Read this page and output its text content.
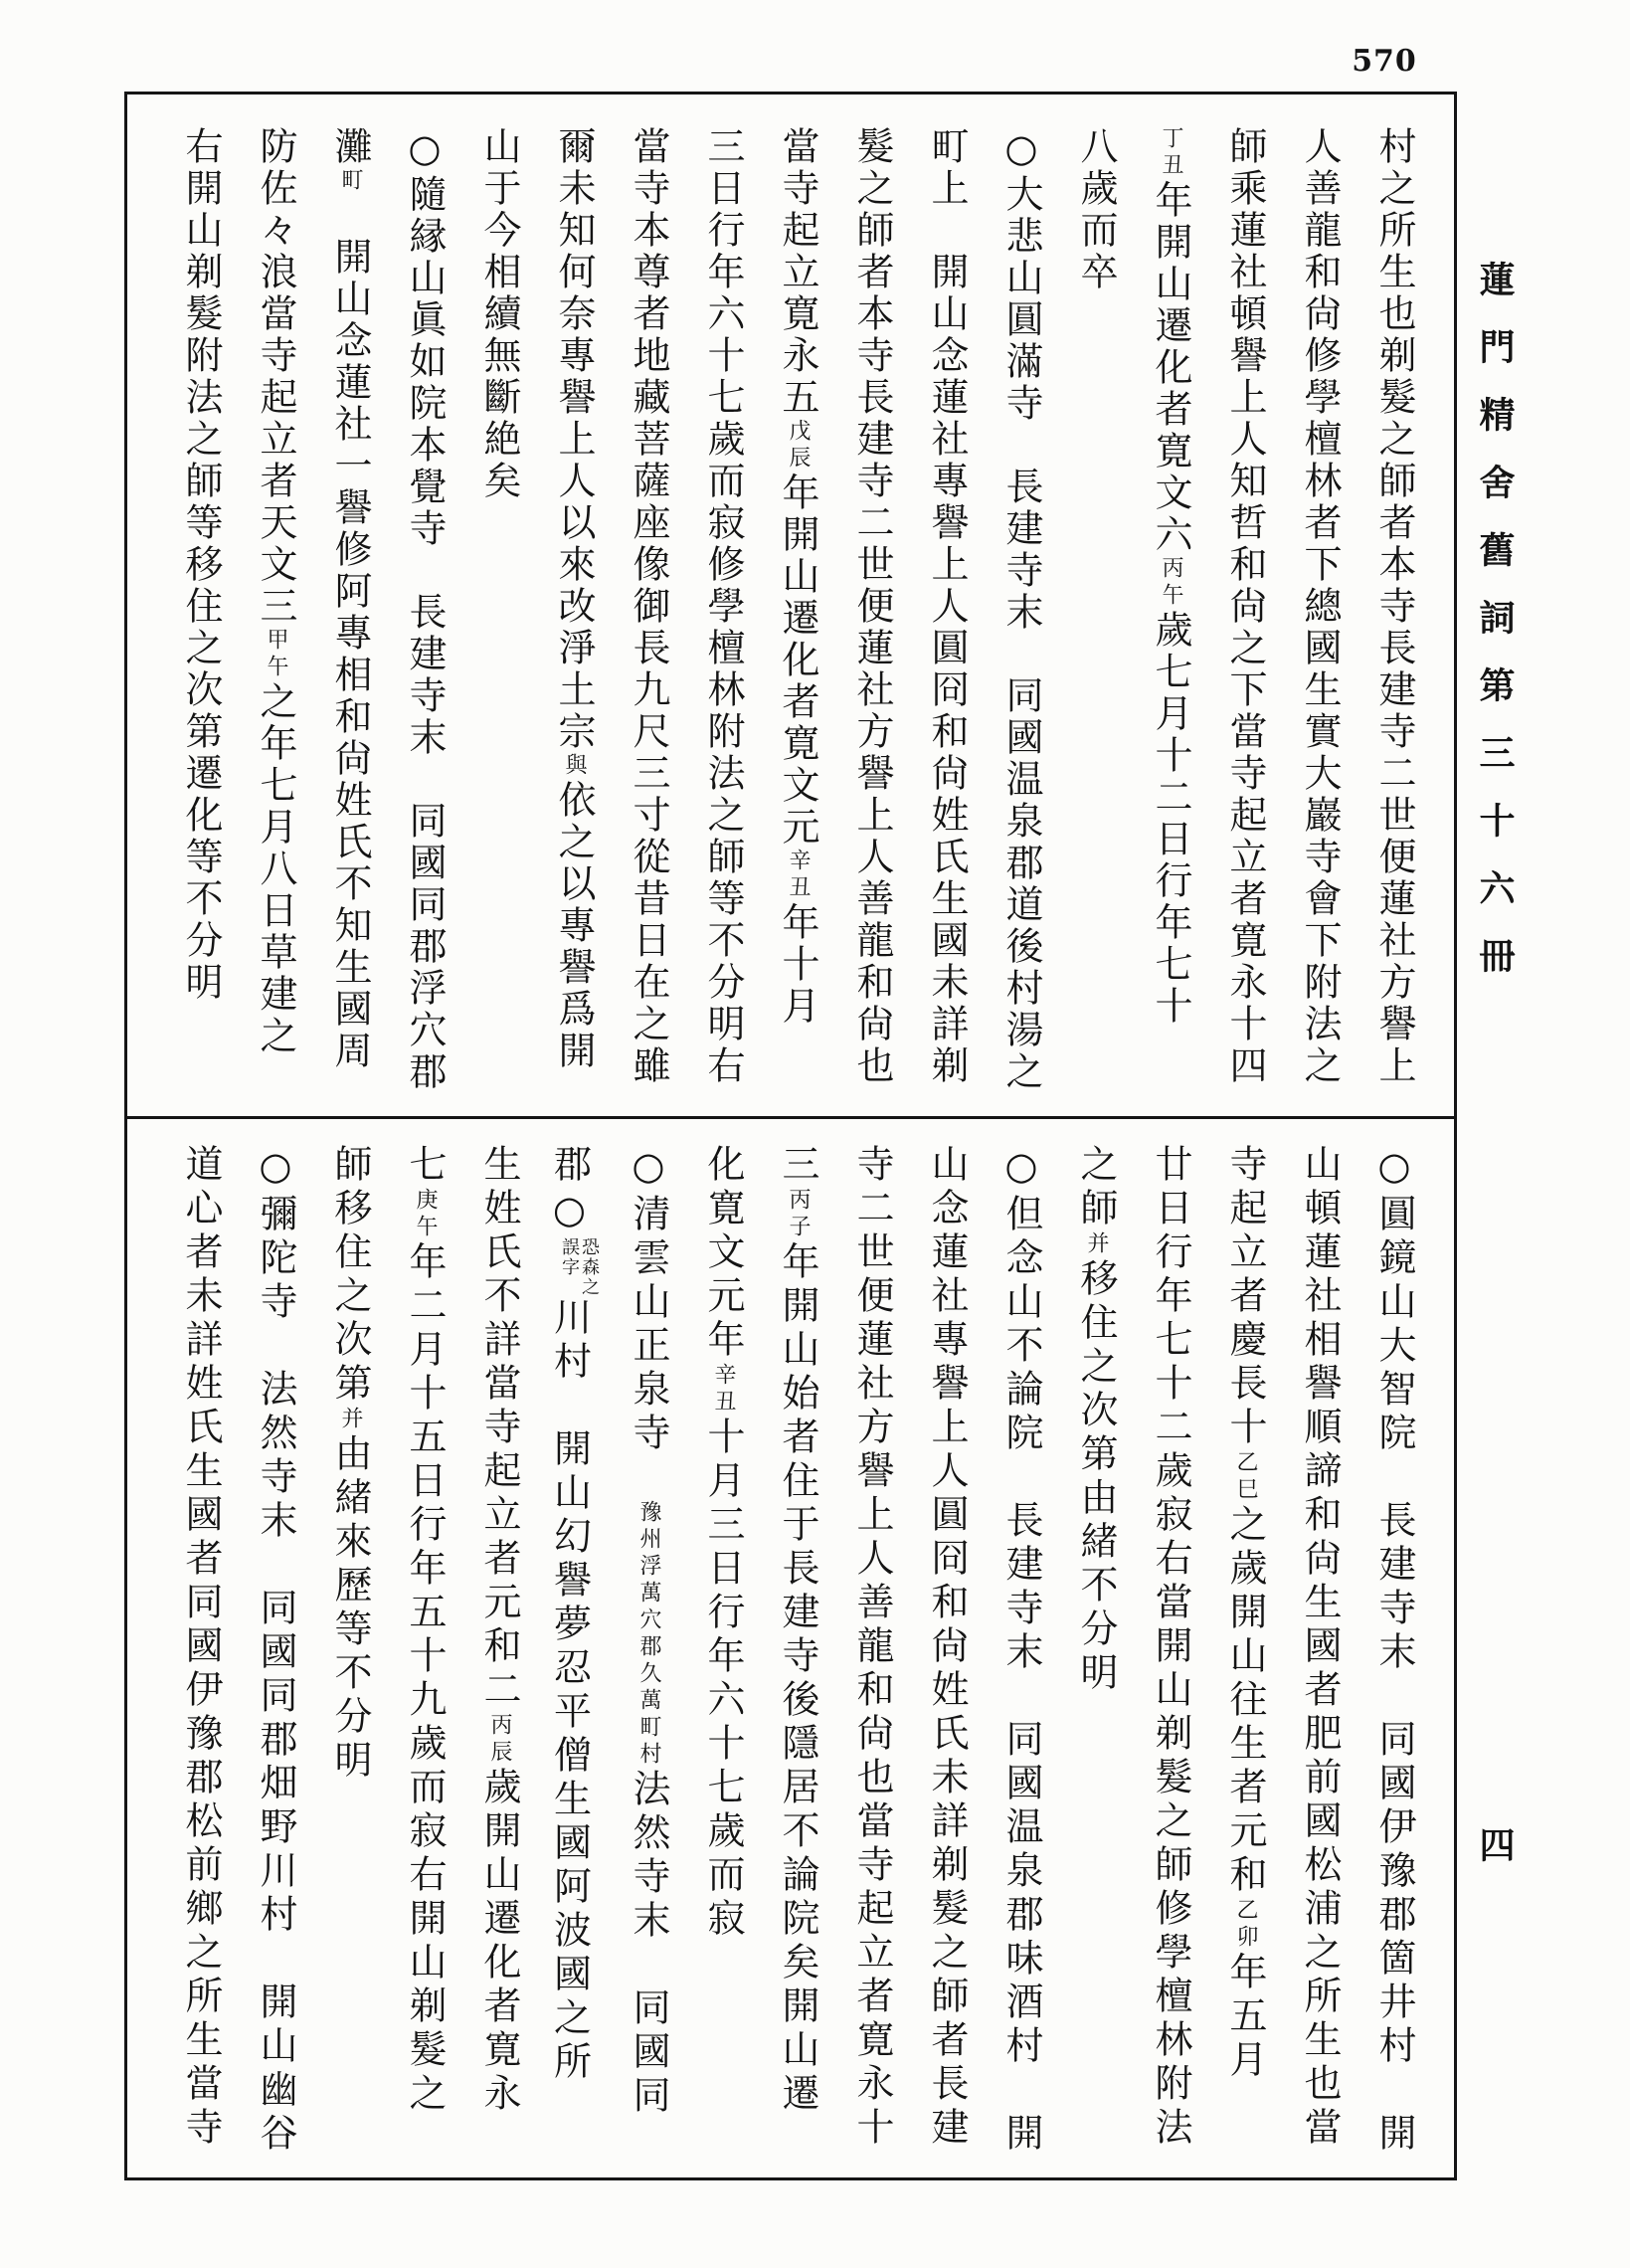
570
蓮門精舍舊詞第三十六冊
四
村之所生也剃髮之師者本寺長建寺二世便蓮社方譽上
人善龍和尙修學檀林者下總國生實大巖寺會下附法之
師乘蓮社頓譽上人知哲和尙之下當寺起立者寛永十四
丁丑年開山遷化者寛文六丙午歲七月十二日行年七十
八歲而卒
○大悲山圓滿寺　長建寺末　同國温泉郡道後村湯之
町上　開山念蓮社專譽上人圓冏和尙姓氏生國未詳剃
髮之師者本寺長建寺二世便蓮社方譽上人善龍和尙也
當寺起立寛永五戊辰年開山遷化者寛文元辛丑年十月
三日行年六十七歲而寂修學檀林附法之師等不分明右
當寺本尊者地藏菩薩座像御長九尺三寸從昔日在之雖
爾未知何奈專譽上人以來改淨土宗與依之以專譽爲開
山于今相續無斷絶矣
○隨縁山眞如院本覺寺　長建寺末　同國同郡浮穴郡
灘町　開山念蓮社一譽修阿專相和尙姓氏不知生國周
防佐々浪當寺起立者天文三甲午之年七月八日草建之
右開山剃髮附法之師等移住之次第遷化等不分明
○圓鏡山大智院　長建寺末　同國伊豫郡箇井村　開
山頓蓮社相譽順諦和尙生國者肥前國松浦之所生也當
寺起立者慶長十乙巳之歲開山往生者元和乙卯年五月
廿日行年七十二歲寂右當開山剃髮之師修學檀林附法
之師并移住之次第由緒不分明
○但念山不論院　長建寺末　同國温泉郡味酒村　開
山念蓮社專譽上人圓冏和尙姓氏未詳剃髮之師者長建
寺二世便蓮社方譽上人善龍和尙也當寺起立者寛永十
三丙子年開山始者住于長建寺後隱居不論院矣開山遷
化寛文元年辛丑十月三日行年六十七歲而寂
○清雲山正泉寺　豫州浮萬穴郡久萬町村法然寺末　同國同
郡○
恐森之
誤字
川村　開山幻譽夢忍平僧生國阿波國之所
生姓氏不詳當寺起立者元和二丙辰歲開山遷化者寛永
七庚午年二月十五日行年五十九歲而寂右開山剃髮之
師移住之次第并由緒來歷等不分明
○彌陀寺　法然寺末　同國同郡畑野川村　開山幽谷
道心者未詳姓氏生國者同國伊豫郡松前鄉之所生當寺
